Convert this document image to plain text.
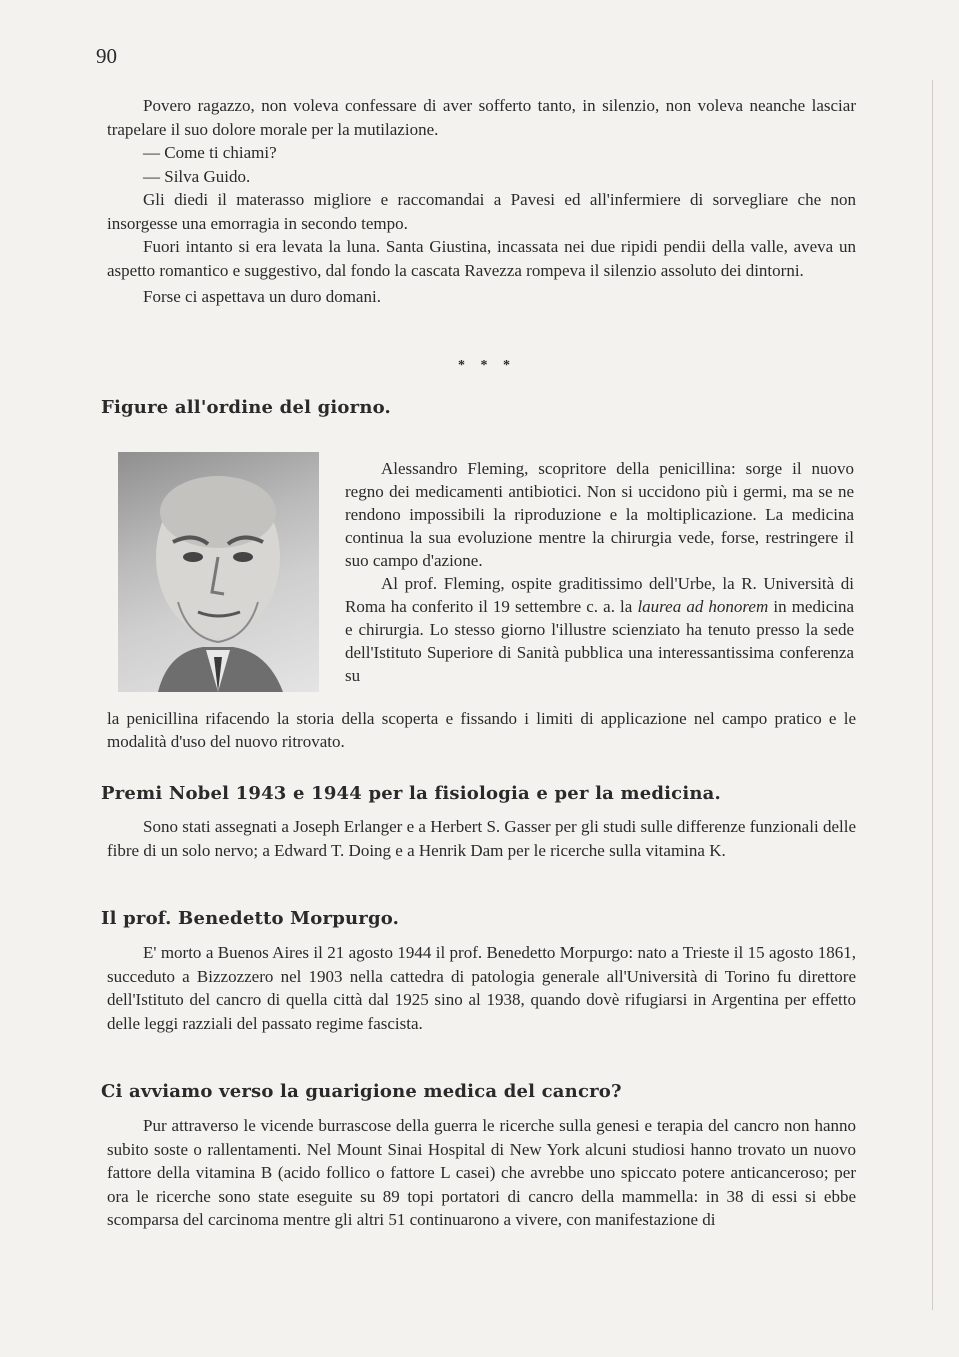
90

Povero ragazzo, non voleva confessare di aver sofferto tanto, in silenzio, non voleva neanche lasciar trapelare il suo dolore morale per la mutilazione.

— Come ti chiami?

— Silva Guido.

Gli diedi il materasso migliore e raccomandai a Pavesi ed all'infermiere di sorvegliare che non insorgesse una emorragia in secondo tempo.

Fuori intanto si era levata la luna. Santa Giustina, incassata nei due ripidi pendii della valle, aveva un aspetto romantico e suggestivo, dal fondo la cascata Ravezza rompeva il silenzio assoluto dei dintorni.

Forse ci aspettava un duro domani.

* * *
Figure all'ordine del giorno.

Alessandro Fleming, scopritore della penicillina: sorge il nuovo regno dei medicamenti antibiotici. Non si uccidono più i germi, ma se ne rendono impossibili la riproduzione e la moltiplicazione. La medicina continua la sua evoluzione mentre la chirurgia vede, forse, restringere il suo campo d'azione.

Al prof. Fleming, ospite graditissimo dell'Urbe, la R. Università di Roma ha conferito il 19 settembre c. a. la laurea ad honorem in medicina e chirurgia. Lo stesso giorno l'illustre scienziato ha tenuto presso la sede dell'Istituto Superiore di Sanità pubblica una interessantissima conferenza su

la penicillina rifacendo la storia della scoperta e fissando i limiti di applicazione nel campo pratico e le modalità d'uso del nuovo ritrovato.

Premi Nobel 1943 e 1944 per la fisiologia e per la medicina.

Sono stati assegnati a Joseph Erlanger e a Herbert S. Gasser per gli studi sulle differenze funzionali delle fibre di un solo nervo; a Edward T. Doing e a Henrik Dam per le ricerche sulla vitamina K.

Il prof. Benedetto Morpurgo.

E' morto a Buenos Aires il 21 agosto 1944 il prof. Benedetto Morpurgo: nato a Trieste il 15 agosto 1861, succeduto a Bizzozzero nel 1903 nella cattedra di patologia generale all'Università di Torino fu direttore dell'Istituto del cancro di quella città dal 1925 sino al 1938, quando dovè rifugiarsi in Argentina per effetto delle leggi razziali del passato regime fascista.

Ci avviamo verso la guarigione medica del cancro?

Pur attraverso le vicende burrascose della guerra le ricerche sulla genesi e terapia del cancro non hanno subito soste o rallentamenti. Nel Mount Sinai Hospital di New York alcuni studiosi hanno trovato un nuovo fattore della vitamina B (acido follico o fattore L casei) che avrebbe uno spiccato potere anticanceroso; per ora le ricerche sono state eseguite su 89 topi portatori di cancro della mammella: in 38 di essi si ebbe scomparsa del carcinoma mentre gli altri 51 continuarono a vivere, con manifestazione di
